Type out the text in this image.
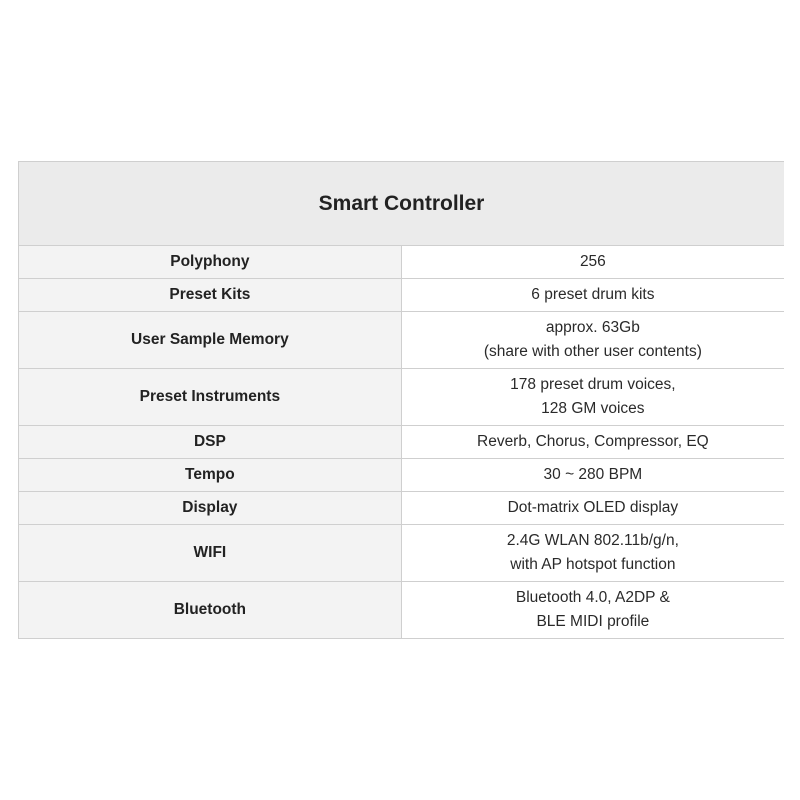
Smart Controller	
Polyphony	256

Preset Kits	6 preset drum kits

User Sample Memory	approx. 63Gb
(share with other user contents)

Preset Instruments	178 preset drum voices,
128 GM voices

DSP	Reverb, Chorus, Compressor, EQ

Tempo	30 ~ 280 BPM

Display	Dot-matrix OLED display

WIFI	2.4G WLAN 802.11b/g/n,
with AP hotspot function

Bluetooth	Bluetooth 4.0, A2DP &
BLE MIDI profile
